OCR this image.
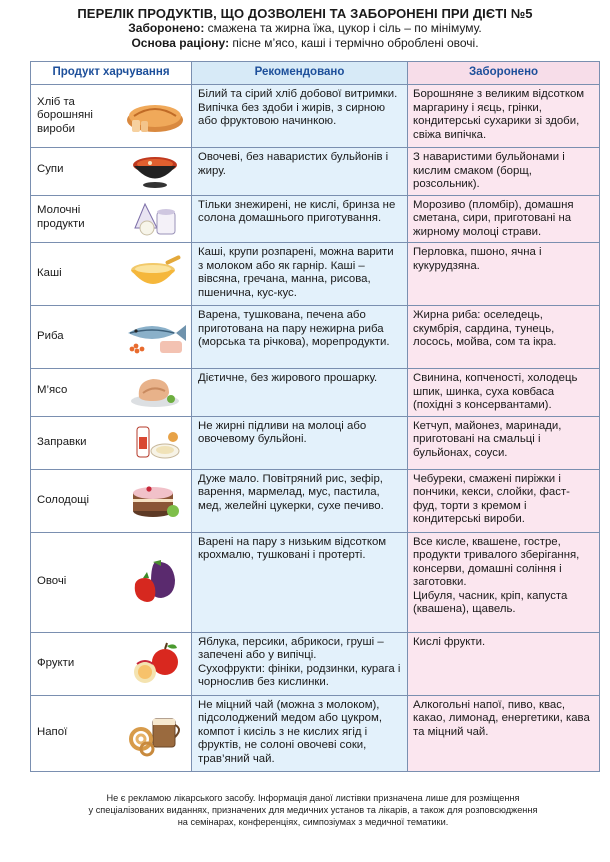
ПЕРЕЛІК ПРОДУКТІВ, ЩО ДОЗВОЛЕНІ ТА ЗАБОРОНЕНІ ПРИ ДІЄТІ №5
Заборонено: смажена та жирна їжа, цукор і сіль – по мінімуму.
Основа раціону: пісне м’ясо, каші і термічно оброблені овочі.
Продукт харчування	Рекомендовано	Заборонено

Хліб та борошняні вироби	Білий та сірий хліб добової витримки. Випічка без здоби і жирів, з сирною або фруктовою начинкою.	Борошняне з великим відсотком маргарину і яєць, грінки, кондитерські сухарики зі здоби, свіжа випічка.

Супи	Овочеві, без наваристих бульйонів і жиру.	З наваристими бульйонами і кислим смаком (борщ, розсольник).

Молочні продукти	Тільки знежирені, не кислі, бринза не солона домашнього приготування.	Морозиво (пломбір), домашня сметана, сири, приготовані на жирному молоці страви.

Каші	Каші, крупи розпарені, можна варити з молоком або як гарнір. Каші – вівсяна, гречана, манна, рисова, пшенична, кус-кус.	Перловка, пшоно, ячна і кукурудзяна.

Риба	Варена, тушкована, печена або приготована на пару нежирна риба (морська та річкова), морепродукти.	Жирна риба: оселедець, скумбрія, сардина, тунець, лосось, мойва, сом та ікра.

М’ясо	Дієтичне, без жирового прошарку.	Свинина, копченості, холодець шпик, шинка, суха ковбаса (похідні з консервантами).

Заправки	Не жирні підливи на молоці або овочевому бульйоні.	Кетчуп, майонез, маринади, приготовані на смальці і бульйонах, соуси.

Солодощі	Дуже мало. Повітряний рис, зефір, варення, мармелад, мус, пастила, мед, желейні цукерки, сухе печиво.	Чебуреки, смажені пиріжки і пончики, кекси, слойки, фаст-фуд, торти з кремом і кондитерські вироби.

Овочі	Варені на пару з низьким відсотком крохмалю, тушковані і протерті.	Все кисле, квашене, гостре, продукти тривалого зберігання, консерви, домашні соління і заготовки.
Цибуля, часник, кріп, капуста (квашена), щавель.

Фрукти	Яблука, персики, абрикоси, груші – запечені або у випічці.
Сухофрукти: фініки, родзинки, курага і чорнослив без кислинки.	Кислі фрукти.

Напої	Не міцний чай (можна з молоком), підсолоджений медом або цукром, компот і кисіль з не кислих ягід і фруктів, не солоні овочеві соки, трав’яний чай.	Алкогольні напої, пиво, квас, какао, лимонад, енергетики, кава та міцний чай.
Не є рекламою лікарського засобу. Інформація даної листівки призначена лише для розміщення
у спеціалізованих виданнях, призначених для медичних установ та лікарів, а також для розповсюдження
на семінарах, конференціях, симпозіумах з медичної тематики.
